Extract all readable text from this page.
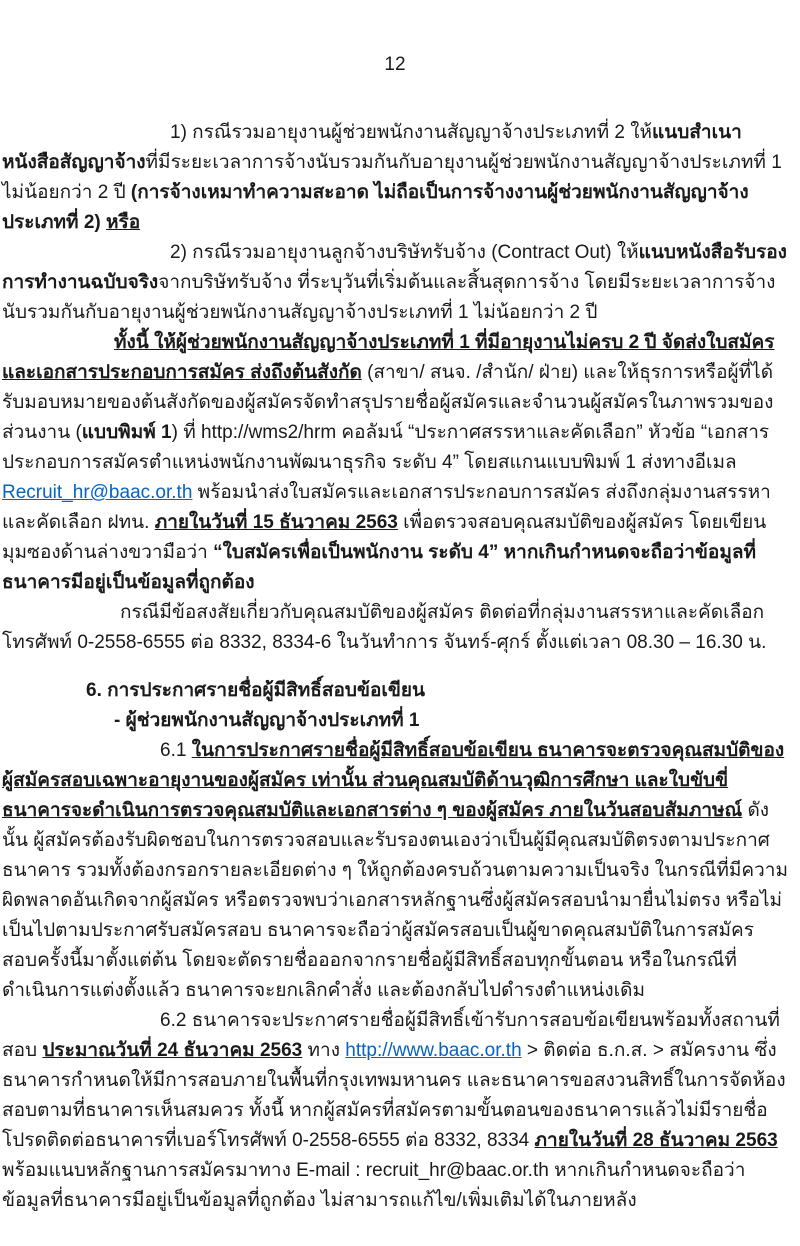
12

1) กรณีรวมอายุงานผู้ช่วยพนักงานสัญญาจ้างประเภทที่ 2 ให้แนบสำเนาหนังสือสัญญาจ้างที่มีระยะเวลาการจ้างนับรวมกันกับอายุงานผู้ช่วยพนักงานสัญญาจ้างประเภทที่ 1 ไม่น้อยกว่า 2 ปี (การจ้างเหมาทำความสะอาด ไม่ถือเป็นการจ้างงานผู้ช่วยพนักงานสัญญาจ้างประเภทที่ 2) หรือ

2) กรณีรวมอายุงานลูกจ้างบริษัทรับจ้าง (Contract Out) ให้แนบหนังสือรับรองการทำงานฉบับจริงจากบริษัทรับจ้าง ที่ระบุวันที่เริ่มต้นและสิ้นสุดการจ้าง โดยมีระยะเวลาการจ้างนับรวมกันกับอายุงานผู้ช่วยพนักงานสัญญาจ้างประเภทที่ 1 ไม่น้อยกว่า 2 ปี

ทั้งนี้ ให้ผู้ช่วยพนักงานสัญญาจ้างประเภทที่ 1 ที่มีอายุงานไม่ครบ 2 ปี จัดส่งใบสมัครและเอกสารประกอบการสมัคร ส่งถึงต้นสังกัด (สาขา/ สนจ. /สำนัก/ ฝ่าย) และให้ธุรการหรือผู้ที่ได้รับมอบหมายของต้นสังกัดของผู้สมัครจัดทำสรุปรายชื่อผู้สมัครและจำนวนผู้สมัครในภาพรวมของส่วนงาน (แบบพิมพ์ 1) ที่ http://wms2/hrm คอลัมน์ “ประกาศสรรหาและคัดเลือก” หัวข้อ “เอกสารประกอบการสมัครตำแหน่งพนักงานพัฒนาธุรกิจ ระดับ 4” โดยสแกนแบบพิมพ์ 1 ส่งทางอีเมล Recruit_hr@baac.or.th พร้อมนำส่งใบสมัครและเอกสารประกอบการสมัคร ส่งถึงกลุ่มงานสรรหาและคัดเลือก ฝทน. ภายในวันที่ 15 ธันวาคม 2563 เพื่อตรวจสอบคุณสมบัติของผู้สมัคร โดยเขียนมุมซองด้านล่างขวามือว่า “ใบสมัครเพื่อเป็นพนักงาน ระดับ 4” หากเกินกำหนดจะถือว่าข้อมูลที่ธนาคารมีอยู่เป็นข้อมูลที่ถูกต้อง

กรณีมีข้อสงสัยเกี่ยวกับคุณสมบัติของผู้สมัคร ติดต่อที่กลุ่มงานสรรหาและคัดเลือก โทรศัพท์ 0-2558-6555 ต่อ 8332, 8334-6 ในวันทำการ จันทร์-ศุกร์ ตั้งแต่เวลา 08.30 – 16.30 น.

6. การประกาศรายชื่อผู้มีสิทธิ์สอบข้อเขียน
- ผู้ช่วยพนักงานสัญญาจ้างประเภทที่ 1

6.1 ในการประกาศรายชื่อผู้มีสิทธิ์สอบข้อเขียน ธนาคารจะตรวจคุณสมบัติของผู้สมัครสอบเฉพาะอายุงานของผู้สมัคร เท่านั้น ส่วนคุณสมบัติด้านวุฒิการศึกษา และใบขับขี่ ธนาคารจะดำเนินการตรวจคุณสมบัติและเอกสารต่าง ๆ ของผู้สมัคร ภายในวันสอบสัมภาษณ์ ดังนั้น ผู้สมัครต้องรับผิดชอบในการตรวจสอบและรับรองตนเองว่าเป็นผู้มีคุณสมบัติตรงตามประกาศธนาคาร รวมทั้งต้องกรอกรายละเอียดต่าง ๆ ให้ถูกต้องครบถ้วนตามความเป็นจริง ในกรณีที่มีความผิดพลาดอันเกิดจากผู้สมัคร หรือตรวจพบว่าเอกสารหลักฐานซึ่งผู้สมัครสอบนำมายื่นไม่ตรง หรือไม่เป็นไปตามประกาศรับสมัครสอบ ธนาคารจะถือว่าผู้สมัครสอบเป็นผู้ขาดคุณสมบัติในการสมัครสอบครั้งนี้มาตั้งแต่ต้น โดยจะตัดรายชื่อออกจากรายชื่อผู้มีสิทธิ์สอบทุกขั้นตอน หรือในกรณีที่ดำเนินการแต่งตั้งแล้ว ธนาคารจะยกเลิกคำสั่ง และต้องกลับไปดำรงตำแหน่งเดิม

6.2 ธนาคารจะประกาศรายชื่อผู้มีสิทธิ์เข้ารับการสอบข้อเขียนพร้อมทั้งสถานที่สอบ ประมาณวันที่ 24 ธันวาคม 2563 ทาง http://www.baac.or.th > ติดต่อ ธ.ก.ส. > สมัครงาน ซึ่งธนาคารกำหนดให้มีการสอบภายในพื้นที่กรุงเทพมหานคร และธนาคารขอสงวนสิทธิ์ในการจัดห้องสอบตามที่ธนาคารเห็นสมควร ทั้งนี้ หากผู้สมัครที่สมัครตามขั้นตอนของธนาคารแล้วไม่มีรายชื่อ โปรดติดต่อธนาคารที่เบอร์โทรศัพท์ 0-2558-6555 ต่อ 8332, 8334 ภายในวันที่ 28 ธันวาคม 2563 พร้อมแนบหลักฐานการสมัครมาทาง E-mail : recruit_hr@baac.or.th หากเกินกำหนดจะถือว่าข้อมูลที่ธนาคารมีอยู่เป็นข้อมูลที่ถูกต้อง ไม่สามารถแก้ไข/เพิ่มเติมได้ในภายหลัง
